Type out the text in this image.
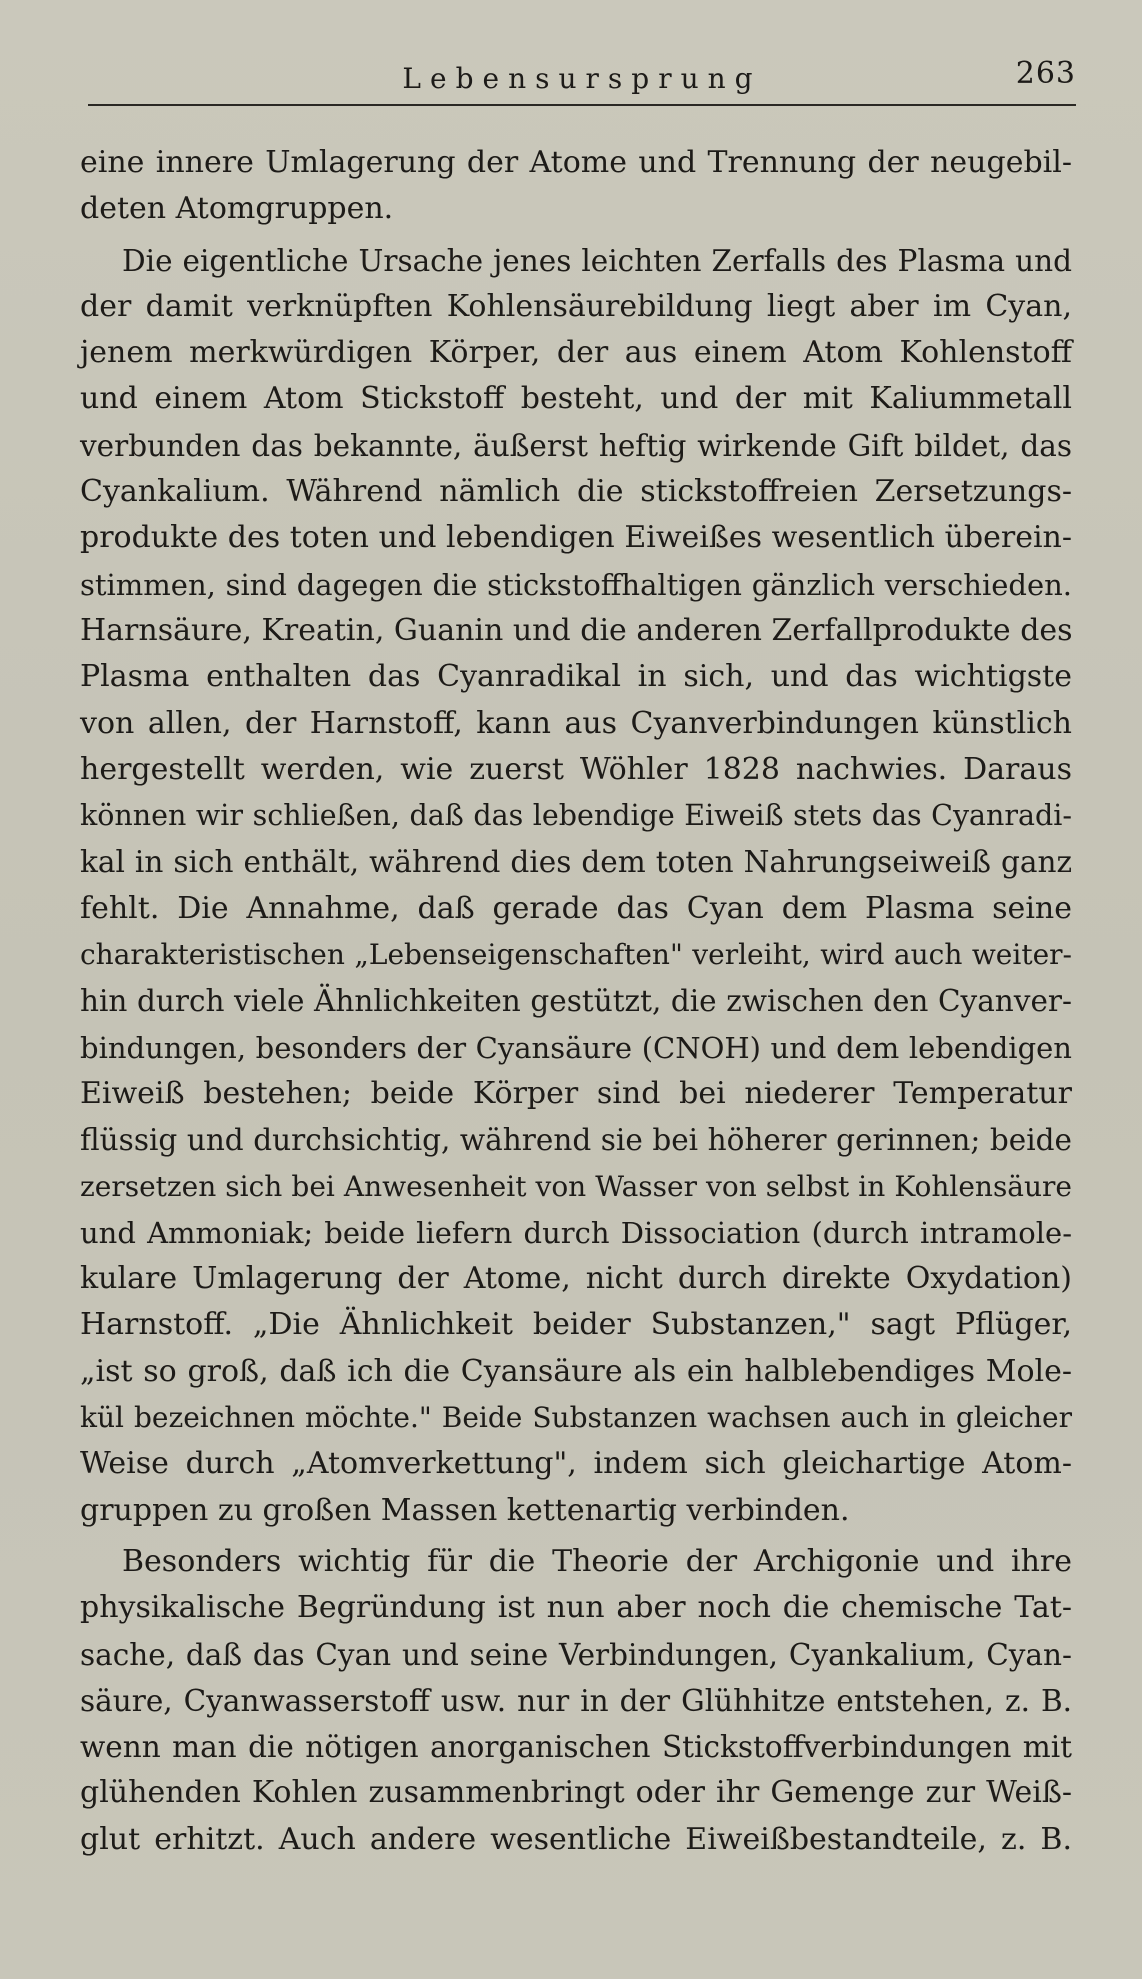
Lebensursprung	263
eine innere Umlagerung der Atome und Trennung der neugebil-
deten Atomgruppen.
Die eigentliche Ursache jenes leichten Zerfalls des Plasma und
der damit verknüpften Kohlensäurebildung liegt aber im Cyan,
jenem merkwürdigen Körper, der aus einem Atom Kohlenstoff
und einem Atom Stickstoff besteht, und der mit Kaliummetall
verbunden das bekannte, äußerst heftig wirkende Gift bildet, das
Cyankalium. Während nämlich die stickstoffreien Zersetzungs-
produkte des toten und lebendigen Eiweißes wesentlich überein-
stimmen, sind dagegen die stickstoffhaltigen gänzlich verschieden.
Harnsäure, Kreatin, Guanin und die anderen Zerfallprodukte des
Plasma enthalten das Cyanradikal in sich, und das wichtigste
von allen, der Harnstoff, kann aus Cyanverbindungen künstlich
hergestellt werden, wie zuerst Wöhler 1828 nachwies. Daraus
können wir schließen, daß das lebendige Eiweiß stets das Cyanradi-
kal in sich enthält, während dies dem toten Nahrungseiweiß ganz
fehlt. Die Annahme, daß gerade das Cyan dem Plasma seine
charakteristischen „Lebenseigenschaften" verleiht, wird auch weiter-
hin durch viele Ähnlichkeiten gestützt, die zwischen den Cyanver-
bindungen, besonders der Cyansäure (CNOH) und dem lebendigen
Eiweiß bestehen; beide Körper sind bei niederer Temperatur
flüssig und durchsichtig, während sie bei höherer gerinnen; beide
zersetzen sich bei Anwesenheit von Wasser von selbst in Kohlensäure
und Ammoniak; beide liefern durch Dissociation (durch intramole-
kulare Umlagerung der Atome, nicht durch direkte Oxydation)
Harnstoff. „Die Ähnlichkeit beider Substanzen," sagt Pflüger,
„ist so groß, daß ich die Cyansäure als ein halblebendiges Mole-
kül bezeichnen möchte." Beide Substanzen wachsen auch in gleicher
Weise durch „Atomverkettung", indem sich gleichartige Atom-
gruppen zu großen Massen kettenartig verbinden.
Besonders wichtig für die Theorie der Archigonie und ihre
physikalische Begründung ist nun aber noch die chemische Tat-
sache, daß das Cyan und seine Verbindungen, Cyankalium, Cyan-
säure, Cyanwasserstoff usw. nur in der Glühhitze entstehen, z. B.
wenn man die nötigen anorganischen Stickstoffverbindungen mit
glühenden Kohlen zusammenbringt oder ihr Gemenge zur Weiß-
glut erhitzt. Auch andere wesentliche Eiweißbestandteile, z. B.
